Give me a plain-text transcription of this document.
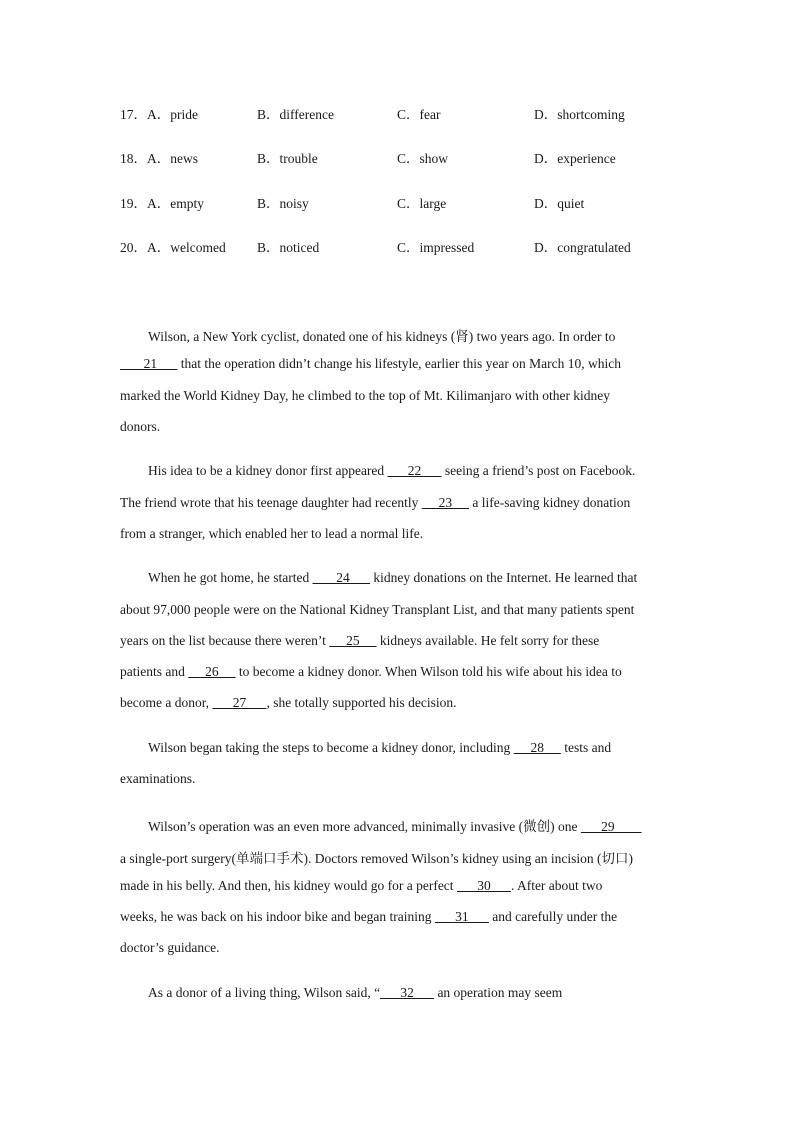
17．A．pride	B．difference	C．fear	D．shortcoming
18．A．news	B．trouble	C．show	D．experience
19．A．empty	B．noisy	C．large	D．quiet
20．A．welcomed B．noticed	C．impressed	D．congratulated
Wilson, a New York cyclist, donated one of his kidneys (肾) two years ago. In order to
21       that the operation didn’t change his lifestyle, earlier this year on March 10, which
marked the World Kidney Day, he climbed to the top of Mt. Kilimanjaro with other kidney
donors.
His idea to be a kidney donor first appeared       22       seeing a friend’s post on Facebook.
The friend wrote that his teenage daughter had recently      23      a life-saving kidney donation
from a stranger, which enabled her to lead a normal life.
When he got home, he started        24       kidney donations on the Internet. He learned that
about 97,000 people were on the National Kidney Transplant List, and that many patients spent
years on the list because there weren’t      25      kidneys available. He felt sorry for these
patients and      26      to become a kidney donor. When Wilson told his wife about his idea to
become a donor,       27      , she totally supported his decision.
Wilson began taking the steps to become a kidney donor, including      28      tests and
examinations.
Wilson’s operation was an even more advanced, minimally invasive (微创) one       29
a single-port surgery(单端口手术). Doctors removed Wilson’s kidney using an incision (切口)
made in his belly. And then, his kidney would go for a perfect       30      . After about two
weeks, he was back on his indoor bike and began training       31       and carefully under the
doctor’s guidance.
As a donor of a living thing, Wilson said, “      32       an operation may seem
